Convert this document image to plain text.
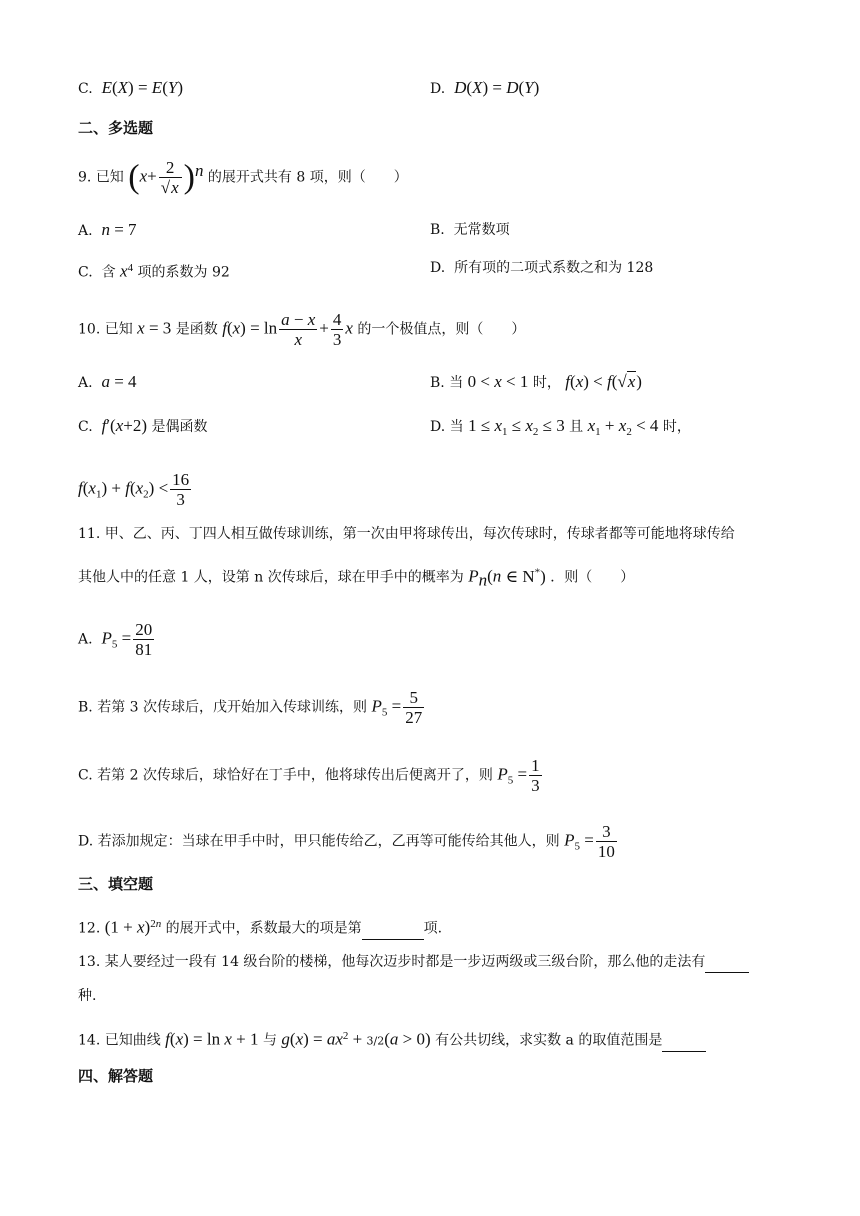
C. E(X) = E(Y)	D. D(X) = D(Y)
二、多选题
9. 已知 $(x+ \frac{2}{√x} )^n$ 的展开式共有 8 项，则（　　）
A. n = 7	B. 无常数项
C. 含 $x^4$ 项的系数为 92	D. 所有项的二项式系数之和为 128
10. 已知 x = 3 是函数 $f(x) = \ln \frac{a - x}{x} + \frac{4}{3}$ x 的一个极值点，则（　　）
A. a = 4	B. 当 0 < x < 1 时， f(x) < f(√x)
C. f′(x+2) 是偶函数	D. 当 $1 \le x_1 \le x_2 \le 3$ 且 $x_1 + x_2 < 4$ 时，
$f(x_1) + f(x_2) < \frac{16}{3}$
11. 甲、乙、丙、丁四人相互做传球训练，第一次由甲将球传出，每次传球时，传球者都等可能地将球传给
其他人中的任意 1 人，设第 n 次传球后，球在甲手中的概率为 $P_n(n$ ∈ N*) ．则（　　）
A. $P_5 = \frac{20}{81}$
B. 若第 3 次传球后，戊开始加入传球训练，则 $P_5 = \frac{5}{27}$
C. 若第 2 次传球后，球恰好在丁手中，他将球传出后便离开了，则 $P_5 = \frac{1}{3}$
D. 若添加规定：当球在甲手中时，甲只能传给乙，乙再等可能传给其他人，则 $P_5 = \frac{3}{10}$
三、填空题
12. $(1 + x)^{2n}$ 的展开式中，系数最大的项是第	项.
13. 某人要经过一段有 14 级台阶的楼梯，他每次迈步时都是一步迈两级或三级台阶，那么他的走法有
种.
14. 已知曲线 f(x) = ln x + 1 与 $g(x) = ax^2 + 3/2(a > 0)$ 有公共切线，求实数 a 的取值范围是
四、解答题
